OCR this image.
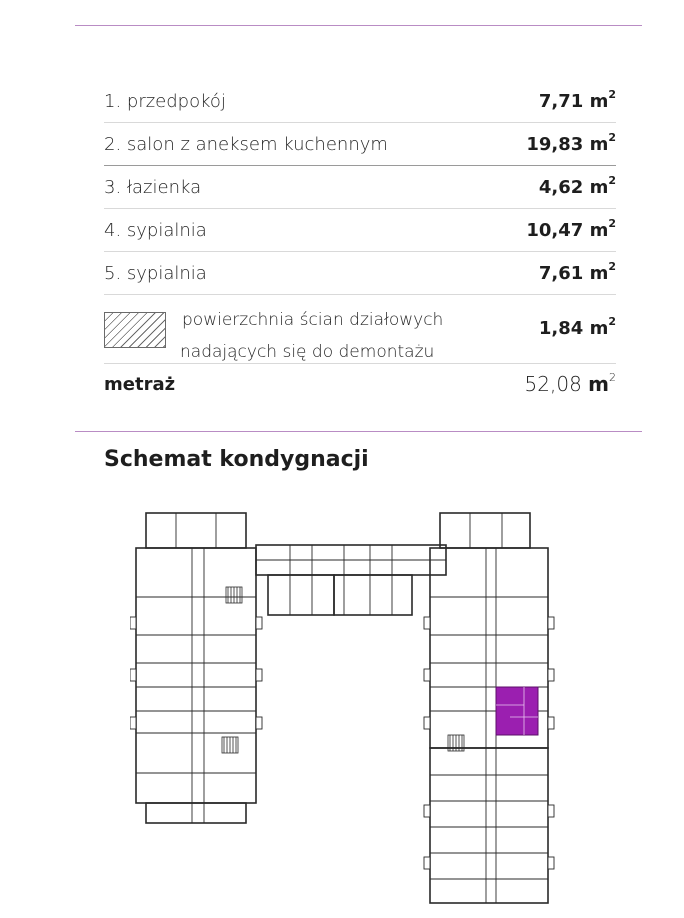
1. przedpokój	7,71 $m^2$
2. salon z aneksem kuchennym	19,83 $m^2$
3. łazienka	4,62 $m^2$
4. sypialnia	10,47 $m^2$
5. sypialnia	7,61 $m^2$
powierzchnia ścian działowych
nadających się do demontażu
1,84 $m^2$
metraż	52,08 $m^2$
Schemat kondygnacji
